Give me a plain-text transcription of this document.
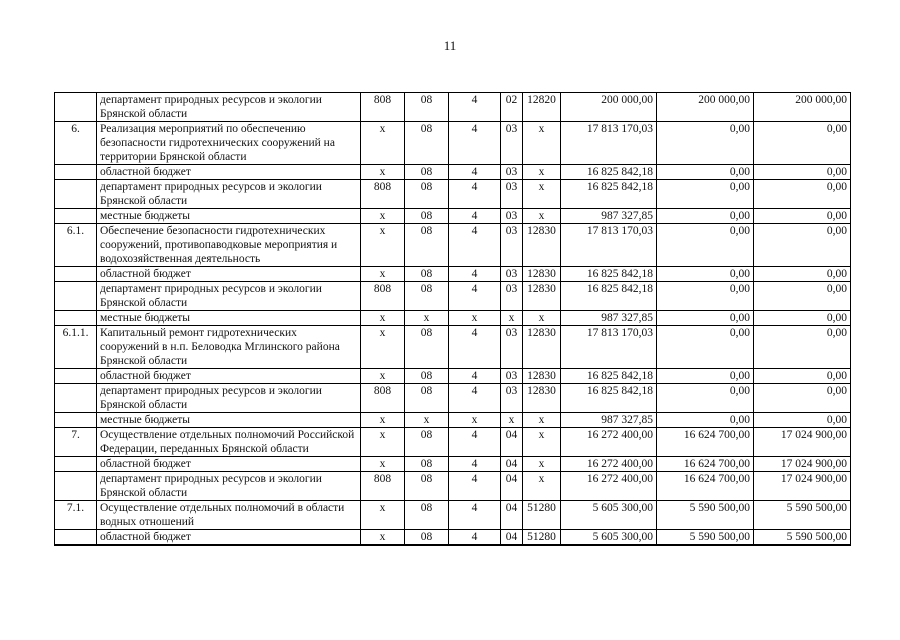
11
	департамент природных ресурсов и экологии Брянской области	808	08	4	02	12820	200 000,00	200 000,00	200 000,00
6.	Реализация мероприятий по обеспечению безопасности гидротехнических сооружений на территории Брянской области	х	08	4	03	х	17 813 170,03	0,00	0,00
	областной бюджет	х	08	4	03	х	16 825 842,18	0,00	0,00
	департамент природных ресурсов и экологии Брянской области	808	08	4	03	х	16 825 842,18	0,00	0,00
	местные бюджеты	х	08	4	03	х	987 327,85	0,00	0,00
6.1.	Обеспечение безопасности гидротехнических сооружений, противопаводковые мероприятия и водохозяйственная деятельность	х	08	4	03	12830	17 813 170,03	0,00	0,00
	областной бюджет	х	08	4	03	12830	16 825 842,18	0,00	0,00
	департамент природных ресурсов и экологии Брянской области	808	08	4	03	12830	16 825 842,18	0,00	0,00
	местные бюджеты	х	х	х	х	х	987 327,85	0,00	0,00
6.1.1.	Капитальный ремонт гидротехнических сооружений в н.п. Беловодка Мглинского района Брянской области	х	08	4	03	12830	17 813 170,03	0,00	0,00
	областной бюджет	х	08	4	03	12830	16 825 842,18	0,00	0,00
	департамент природных ресурсов и экологии Брянской области	808	08	4	03	12830	16 825 842,18	0,00	0,00
	местные бюджеты	х	х	х	х	х	987 327,85	0,00	0,00
7.	Осуществление отдельных полномочий Российской Федерации, переданных Брянской области	х	08	4	04	х	16 272 400,00	16 624 700,00	17 024 900,00
	областной бюджет	х	08	4	04	х	16 272 400,00	16 624 700,00	17 024 900,00
	департамент природных ресурсов и экологии Брянской области	808	08	4	04	х	16 272 400,00	16 624 700,00	17 024 900,00
7.1.	Осуществление отдельных полномочий в области водных отношений	х	08	4	04	51280	5 605 300,00	5 590 500,00	5 590 500,00
	областной бюджет	х	08	4	04	51280	5 605 300,00	5 590 500,00	5 590 500,00
